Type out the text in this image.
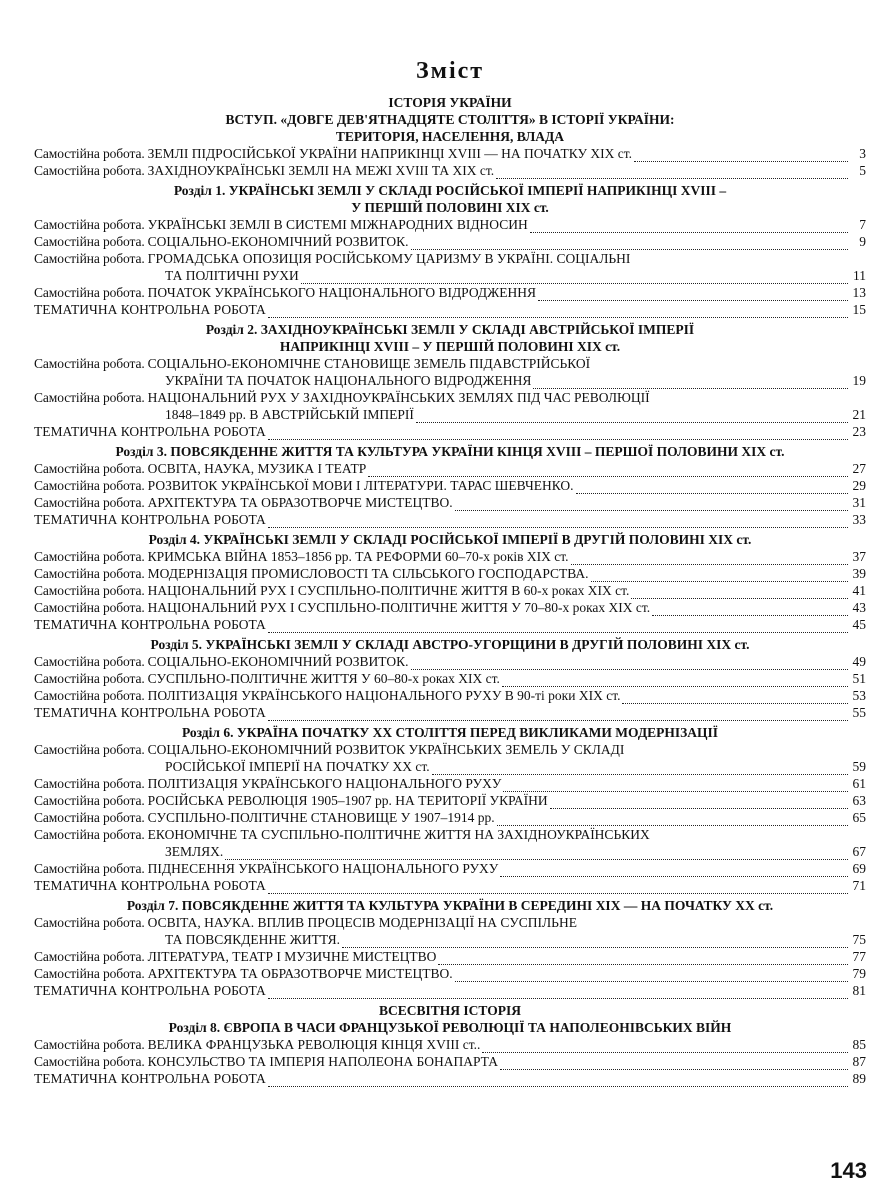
Зміст
ІСТОРІЯ УКРАЇНИ
ВСТУП. «ДОВГЕ ДЕВ'ЯТНАДЦЯТЕ СТОЛІТТЯ» В ІСТОРІЇ УКРАЇНИ:
ТЕРИТОРІЯ, НАСЕЛЕННЯ, ВЛАДА
Самостійна робота. ЗЕМЛІ ПІДРОСІЙСЬКОЇ УКРАЇНИ НАПРИКІНЦІ XVIII — НА ПОЧАТКУ XIX ст.	3
Самостійна робота. ЗАХІДНОУКРАЇНСЬКІ ЗЕМЛІ НА МЕЖІ XVIII ТА XIX ст.	5
Розділ 1. УКРАЇНСЬКІ ЗЕМЛІ У СКЛАДІ РОСІЙСЬКОЇ ІМПЕРІЇ НАПРИКІНЦІ XVIII –
У ПЕРШІЙ ПОЛОВИНІ XIX ст.
Самостійна робота. УКРАЇНСЬКІ ЗЕМЛІ В СИСТЕМІ МІЖНАРОДНИХ ВІДНОСИН	7
Самостійна робота. СОЦІАЛЬНО-ЕКОНОМІЧНИЙ РОЗВИТОК.	9
Самостійна робота. ГРОМАДСЬКА ОПОЗИЦІЯ РОСІЙСЬКОМУ ЦАРИЗМУ В УКРАЇНІ. СОЦІАЛЬНІ
ТА ПОЛІТИЧНІ РУХИ	11
Самостійна робота. ПОЧАТОК УКРАЇНСЬКОГО НАЦІОНАЛЬНОГО ВІДРОДЖЕННЯ	13
ТЕМАТИЧНА КОНТРОЛЬНА РОБОТА	15
Розділ 2. ЗАХІДНОУКРАЇНСЬКІ ЗЕМЛІ У СКЛАДІ АВСТРІЙСЬКОЇ ІМПЕРІЇ
НАПРИКІНЦІ XVIII – У ПЕРШІЙ ПОЛОВИНІ XIX ст.
Самостійна робота. СОЦІАЛЬНО-ЕКОНОМІЧНЕ СТАНОВИЩЕ ЗЕМЕЛЬ ПІДАВСТРІЙСЬКОЇ
УКРАЇНИ ТА ПОЧАТОК НАЦІОНАЛЬНОГО ВІДРОДЖЕННЯ	19
Самостійна робота. НАЦІОНАЛЬНИЙ РУХ У ЗАХІДНОУКРАЇНСЬКИХ ЗЕМЛЯХ ПІД ЧАС РЕВОЛЮЦІЇ
1848–1849 рр. В АВСТРІЙСЬКІЙ ІМПЕРІЇ	21
ТЕМАТИЧНА КОНТРОЛЬНА РОБОТА	23
Розділ 3. ПОВСЯКДЕННЕ ЖИТТЯ ТА КУЛЬТУРА УКРАЇНИ КІНЦЯ XVIII – ПЕРШОЇ ПОЛОВИНИ XIX ст.
Самостійна робота. ОСВІТА, НАУКА, МУЗИКА І ТЕАТР	27
Самостійна робота. РОЗВИТОК УКРАЇНСЬКОЇ МОВИ І ЛІТЕРАТУРИ. ТАРАС ШЕВЧЕНКО.	29
Самостійна робота. АРХІТЕКТУРА ТА ОБРАЗОТВОРЧЕ МИСТЕЦТВО.	31
ТЕМАТИЧНА КОНТРОЛЬНА РОБОТА	33
Розділ 4. УКРАЇНСЬКІ ЗЕМЛІ У СКЛАДІ РОСІЙСЬКОЇ ІМПЕРІЇ В ДРУГІЙ ПОЛОВИНІ XIX ст.
Самостійна робота. КРИМСЬКА ВІЙНА 1853–1856 рр. ТА РЕФОРМИ 60–70-х років XIX ст.	37
Самостійна робота. МОДЕРНІЗАЦІЯ ПРОМИСЛОВОСТІ ТА СІЛЬСЬКОГО ГОСПОДАРСТВА.	39
Самостійна робота. НАЦІОНАЛЬНИЙ РУХ І СУСПІЛЬНО-ПОЛІТИЧНЕ ЖИТТЯ В 60-х роках XIX ст.	41
Самостійна робота. НАЦІОНАЛЬНИЙ РУХ І СУСПІЛЬНО-ПОЛІТИЧНЕ ЖИТТЯ У 70–80-х роках XIX ст.	43
ТЕМАТИЧНА КОНТРОЛЬНА РОБОТА	45
Розділ 5. УКРАЇНСЬКІ ЗЕМЛІ У СКЛАДІ АВСТРО-УГОРЩИНИ В ДРУГІЙ ПОЛОВИНІ XIX ст.
Самостійна робота. СОЦІАЛЬНО-ЕКОНОМІЧНИЙ РОЗВИТОК.	49
Самостійна робота. СУСПІЛЬНО-ПОЛІТИЧНЕ ЖИТТЯ У 60–80-х роках XIX ст.	51
Самостійна робота. ПОЛІТИЗАЦІЯ УКРАЇНСЬКОГО НАЦІОНАЛЬНОГО РУХУ В 90-ті роки XIX ст.	53
ТЕМАТИЧНА КОНТРОЛЬНА РОБОТА	55
Розділ 6. УКРАЇНА ПОЧАТКУ XX СТОЛІТТЯ ПЕРЕД ВИКЛИКАМИ МОДЕРНІЗАЦІЇ
Самостійна робота. СОЦІАЛЬНО-ЕКОНОМІЧНИЙ РОЗВИТОК УКРАЇНСЬКИХ ЗЕМЕЛЬ У СКЛАДІ
РОСІЙСЬКОЇ ІМПЕРІЇ НА ПОЧАТКУ XX ст.	59
Самостійна робота. ПОЛІТИЗАЦІЯ УКРАЇНСЬКОГО НАЦІОНАЛЬНОГО РУХУ	61
Самостійна робота. РОСІЙСЬКА РЕВОЛЮЦІЯ 1905–1907 рр. НА ТЕРИТОРІЇ УКРАЇНИ	63
Самостійна робота. СУСПІЛЬНО-ПОЛІТИЧНЕ СТАНОВИЩЕ У 1907–1914 рр.	65
Самостійна робота. ЕКОНОМІЧНЕ ТА СУСПІЛЬНО-ПОЛІТИЧНЕ ЖИТТЯ НА ЗАХІДНОУКРАЇНСЬКИХ
ЗЕМЛЯХ.	67
Самостійна робота. ПІДНЕСЕННЯ УКРАЇНСЬКОГО НАЦІОНАЛЬНОГО РУХУ	69
ТЕМАТИЧНА КОНТРОЛЬНА РОБОТА	71
Розділ 7. ПОВСЯКДЕННЕ ЖИТТЯ ТА КУЛЬТУРА УКРАЇНИ В СЕРЕДИНІ XIX — НА ПОЧАТКУ XX ст.
Самостійна робота. ОСВІТА, НАУКА. ВПЛИВ ПРОЦЕСІВ МОДЕРНІЗАЦІЇ НА СУСПІЛЬНЕ
ТА ПОВСЯКДЕННЕ ЖИТТЯ.	75
Самостійна робота. ЛІТЕРАТУРА, ТЕАТР І МУЗИЧНЕ МИСТЕЦТВО	77
Самостійна робота. АРХІТЕКТУРА ТА ОБРАЗОТВОРЧЕ МИСТЕЦТВО.	79
ТЕМАТИЧНА КОНТРОЛЬНА РОБОТА	81
ВСЕСВІТНЯ ІСТОРІЯ
Розділ 8. ЄВРОПА В ЧАСИ ФРАНЦУЗЬКОЇ РЕВОЛЮЦІЇ ТА НАПОЛЕОНІВСЬКИХ ВІЙН
Самостійна робота. ВЕЛИКА ФРАНЦУЗЬКА РЕВОЛЮЦІЯ КІНЦЯ XVIII ст..	85
Самостійна робота. КОНСУЛЬСТВО ТА ІМПЕРІЯ НАПОЛЕОНА БОНАПАРТА	87
ТЕМАТИЧНА КОНТРОЛЬНА РОБОТА	89
143
